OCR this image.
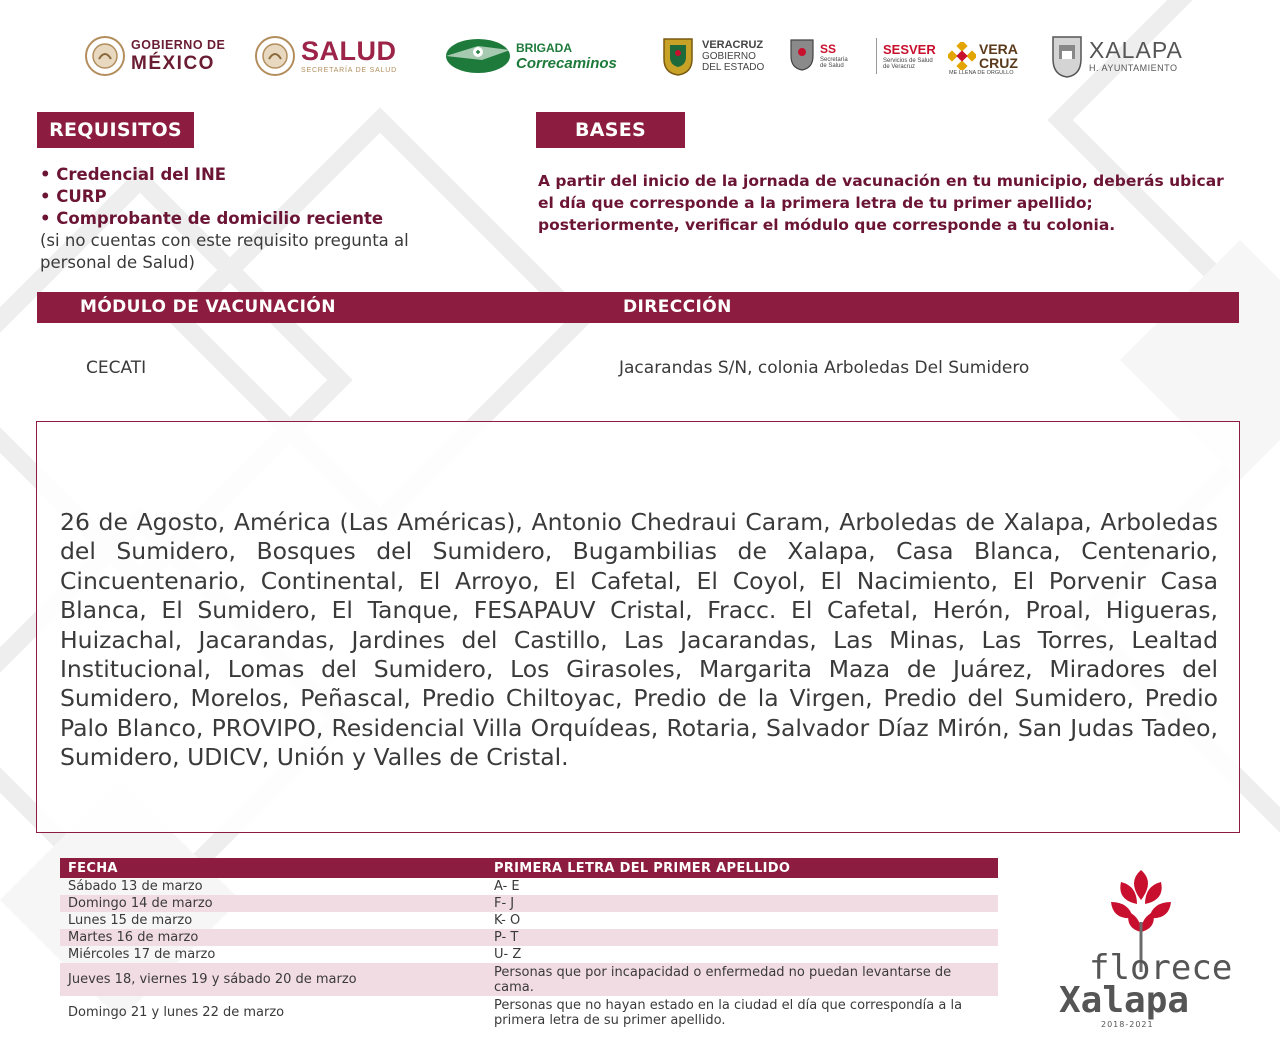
GOBIERNO DE
MÉXICO	SALUD
SECRETARÍA DE SALUD
BRIGADA
Correcaminos
VERACRUZ
GOBIERNO
DEL ESTADO
SS
Secretaría
de Salud
SESVER
Servicios de Salud
de Veracruz
VERA
CRUZ
ME LLENA DE ORGULLO
XALAPA
H. AYUNTAMIENTO
REQUISITOS	BASES
• Credencial del INE
• CURP
• Comprobante de domicilio reciente
(si no cuentas con este requisito pregunta al personal de Salud)
A partir del inicio de la jornada de vacunación en tu municipio, deberás ubicar el día que corresponde a la primera letra de tu primer apellido; posteriormente, verificar el módulo que corresponde a tu colonia.
MÓDULO DE VACUNACIÓN	DIRECCIÓN
CECATI	Jacarandas S/N, colonia Arboledas Del Sumidero

26 de Agosto, América (Las Américas), Antonio Chedraui Caram, Arboledas de Xalapa, Arboledas del Sumidero, Bosques del Sumidero, Bugambilias de Xalapa, Casa Blanca, Centenario, Cincuentenario, Continental, El Arroyo, El Cafetal, El Coyol, El Nacimiento, El Porvenir Casa Blanca, El Sumidero, El Tanque, FESAPAUV Cristal, Fracc. El Cafetal, Herón, Proal, Higueras, Huizachal, Jacarandas, Jardines del Castillo, Las Jacarandas, Las Minas, Las Torres, Lealtad Institucional, Lomas del Sumidero, Los Girasoles, Margarita Maza de Juárez, Miradores del Sumidero, Morelos, Peñascal, Predio Chiltoyac, Predio de la Virgen, Predio del Sumidero, Predio Palo Blanco, PROVIPO, Residencial Villa Orquídeas, Rotaria, Salvador Díaz Mirón, San Judas Tadeo, Sumidero, UDICV, Unión y Valles de Cristal.

FECHA	PRIMERA LETRA DEL PRIMER APELLIDO
Sábado 13 de marzo	A- E
Domingo 14 de marzo	F- J
Lunes 15 de marzo	K- O
Martes 16 de marzo	P- T
Miércoles 17 de marzo	U- Z
Jueves 18, viernes 19 y sábado 20 de marzo	Personas que por incapacidad o enfermedad no puedan levantarse de cama.
Domingo 21 y lunes 22 de marzo	Personas que no hayan estado en la ciudad el día que correspondía a la primera letra de su primer apellido.
florece
Xalapa
2018-2021
